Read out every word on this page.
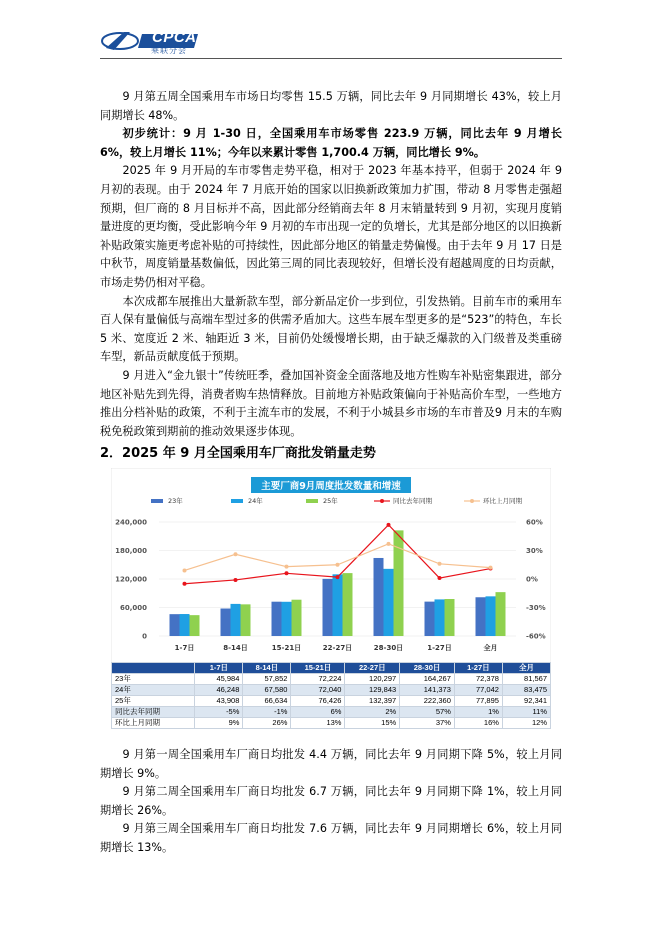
CPCA
乘联分会

9 月第五周全国乘用车市场日均零售 15.5 万辆，同比去年 9 月同期增长 43%，较上月同期增长 48%。

初步统计：9 月 1-30 日，全国乘用车市场零售 223.9 万辆，同比去年 9 月增长 6%，较上月增长 11%；今年以来累计零售 1,700.4 万辆，同比增长 9%。

2025 年 9 月开局的车市零售走势平稳，相对于 2023 年基本持平，但弱于 2024 年 9 月初的表现。由于 2024 年 7 月底开始的国家以旧换新政策加力扩围，带动 8 月零售走强超预期，但厂商的 8 月目标并不高，因此部分经销商去年 8 月末销量转到 9 月初，实现月度销量进度的更均衡，受此影响今年 9 月初的车市出现一定的负增长，尤其是部分地区的以旧换新补贴政策实施更考虑补贴的可持续性，因此部分地区的销量走势偏慢。由于去年 9 月 17 日是中秋节，周度销量基数偏低，因此第三周的同比表现较好，但增长没有超越周度的日均贡献，市场走势仍相对平稳。

本次成都车展推出大量新款车型，部分新品定价一步到位，引发热销。目前车市的乘用车百人保有量偏低与高端车型过多的供需矛盾加大。这些车展车型更多的是“523”的特色，车长 5 米、宽度近 2 米、轴距近 3 米，目前仍处缓慢增长期，由于缺乏爆款的入门级普及类重磅车型，新品贡献度低于预期。

9 月进入“金九银十”传统旺季，叠加国补资金全面落地及地方性购车补贴密集跟进，部分地区补贴先到先得，消费者购车热情释放。目前地方补贴政策偏向于补贴高价车型，一些地方推出分档补贴的政策，不利于主流车市的发展，不利于小城县乡市场的车市普及9 月末的车购税免税政策到期前的推动效果逐步体现。

2．2025 年 9 月全国乘用车厂商批发销量走势
主要厂商9月周度批发数量和增速
23年	24年	25年	同比去年同期	环比上月同期
0
60,000
120,000
180,000
240,000
-60%
-30%
0%
30%
60%
1-7日	8-14日	15-21日	22-27日	28-30日	1-27日	全月
	1-7日	8-14日	15-21日	22-27日	28-30日	1-27日	全月
23年	45,984	57,852	72,224	120,297	164,267	72,378	81,567
24年	46,248	67,580	72,040	129,843	141,373	77,042	83,475
25年	43,908	66,634	76,426	132,397	222,360	77,895	92,341
同比去年同期	-5%	-1%	6%	2%	57%	1%	11%
环比上月同期	9%	26%	13%	15%	37%	16%	12%

9 月第一周全国乘用车厂商日均批发 4.4 万辆，同比去年 9 月同期下降 5%，较上月同期增长 9%。

9 月第二周全国乘用车厂商日均批发 6.7 万辆，同比去年 9 月同期下降 1%，较上月同期增长 26%。

9 月第三周全国乘用车厂商日均批发 7.6 万辆，同比去年 9 月同期增长 6%，较上月同期增长 13%。
